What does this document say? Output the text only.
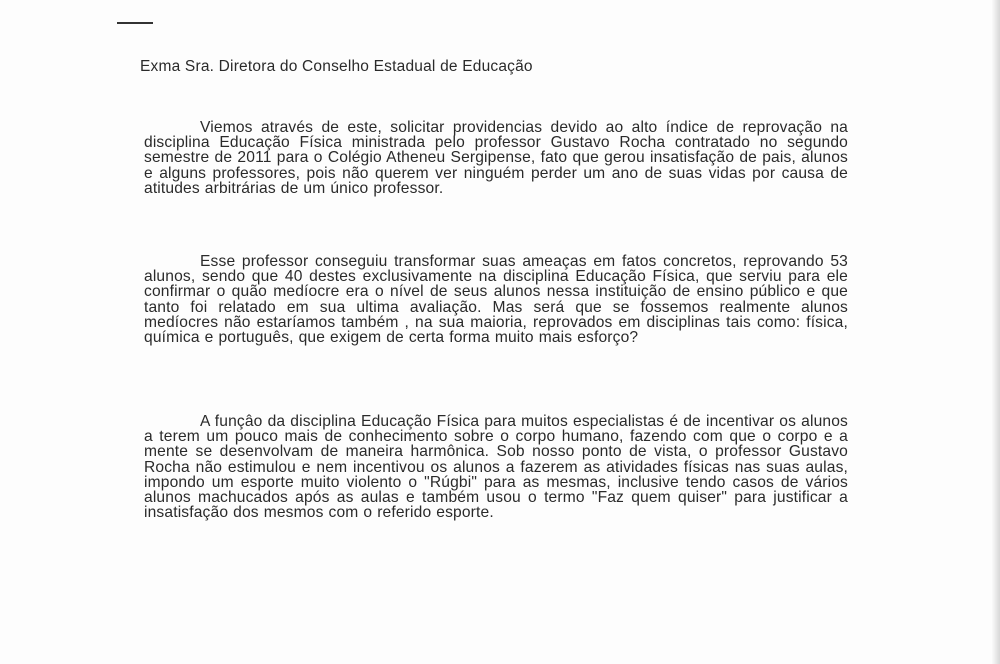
Exma Sra. Diretora do Conselho Estadual de Educação

Viemos através de este, solicitar providencias devido ao alto índice de reprovação na disciplina Educação Física ministrada pelo professor Gustavo Rocha contratado no segundo semestre de 2011 para o Colégio Atheneu Sergipense, fato que gerou insatisfação de pais, alunos e alguns professores, pois não querem ver ninguém perder um ano de suas vidas por causa de atitudes arbitrárias de um único professor.

Esse professor conseguiu transformar suas ameaças em fatos concretos, reprovando 53 alunos, sendo que 40 destes exclusivamente na disciplina Educação Física, que serviu para ele confirmar o quão medíocre era o nível de seus alunos nessa instituição de ensino público e que tanto foi relatado em sua ultima avaliação. Mas será que se fossemos realmente alunos medíocres não estaríamos também , na sua maioria, reprovados em disciplinas tais como: física, química e português, que exigem de certa forma muito mais esforço?

A funçâo da disciplina Educação Física para muitos especialistas é de incentivar os alunos a terem um pouco mais de conhecimento sobre o corpo humano, fazendo com que o corpo e a mente se desenvolvam de maneira harmônica. Sob nosso ponto de vista, o professor Gustavo Rocha não estimulou e nem incentivou os alunos a fazerem as atividades físicas nas suas aulas, impondo um esporte muito violento o "Rúgbi" para as mesmas, inclusive tendo casos de vários alunos machucados após as aulas e também usou o termo "Faz quem quiser" para justificar a insatisfação dos mesmos com o referido esporte.
